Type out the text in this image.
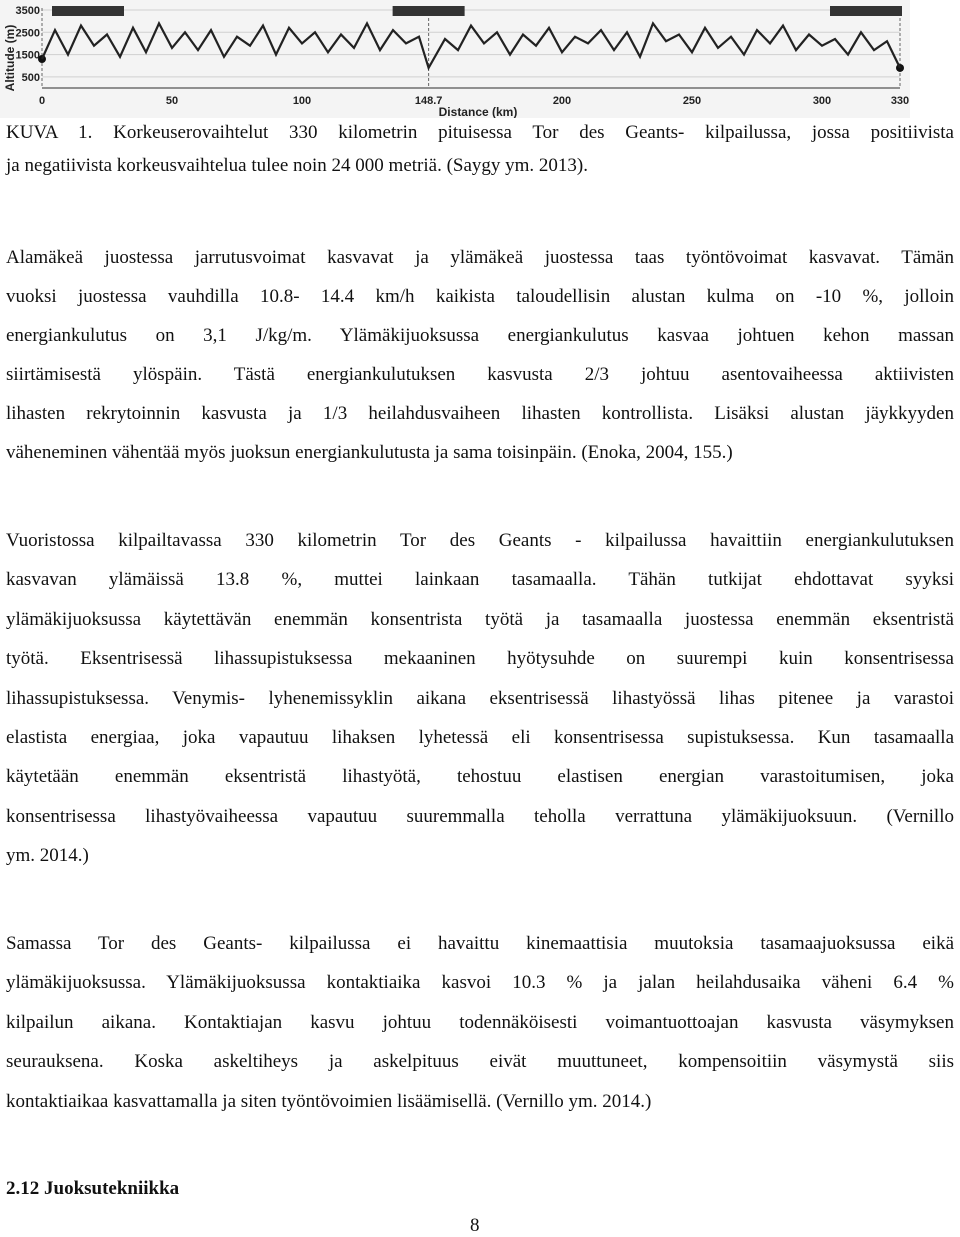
3500
2500
1500
500
0	50	100	148.7	200	250	300	330
Altitude (m)
Distance (km)
KUVA 1. Korkeuserovaihtelut 330 kilometrin pituisessa Tor des Geants- kilpailussa, jossa positiivista
ja negatiivista korkeusvaihtelua tulee noin 24 000 metriä. (Saygy ym. 2013).
Alamäkeä juostessa jarrutusvoimat kasvavat ja ylämäkeä juostessa taas työntövoimat kasvavat. Tämän
vuoksi juostessa vauhdilla 10.8- 14.4 km/h kaikista taloudellisin alustan kulma on -10 %, jolloin
energiankulutus on 3,1 J/kg/m. Ylämäkijuoksussa energiankulutus kasvaa johtuen kehon massan
siirtämisestä ylöspäin. Tästä energiankulutuksen kasvusta 2/3 johtuu asentovaiheessa aktiivisten
lihasten rekrytoinnin kasvusta ja 1/3 heilahdusvaiheen lihasten kontrollista. Lisäksi alustan jäykkyyden
väheneminen vähentää myös juoksun energiankulutusta ja sama toisinpäin. (Enoka, 2004, 155.)
Vuoristossa kilpailtavassa 330 kilometrin Tor des Geants - kilpailussa havaittiin energiankulutuksen
kasvavan ylämäissä 13.8 %, muttei lainkaan tasamaalla. Tähän tutkijat ehdottavat syyksi
ylämäkijuoksussa käytettävän enemmän konsentrista työtä ja tasamaalla juostessa enemmän eksentristä
työtä. Eksentrisessä lihassupistuksessa mekaaninen hyötysuhde on suurempi kuin konsentrisessa
lihassupistuksessa. Venymis- lyhenemissyklin aikana eksentrisessä lihastyössä lihas pitenee ja varastoi
elastista energiaa, joka vapautuu lihaksen lyhetessä eli konsentrisessa supistuksessa. Kun tasamaalla
käytetään enemmän eksentristä lihastyötä, tehostuu elastisen energian varastoitumisen, joka
konsentrisessa lihastyövaiheessa vapautuu suuremmalla teholla verrattuna ylämäkijuoksuun. (Vernillo
ym. 2014.)
Samassa Tor des Geants- kilpailussa ei havaittu kinemaattisia muutoksia tasamaajuoksussa eikä
ylämäkijuoksussa. Ylämäkijuoksussa kontaktiaika kasvoi 10.3 % ja jalan heilahdusaika väheni 6.4 %
kilpailun aikana. Kontaktiajan kasvu johtuu todennäköisesti voimantuottoajan kasvusta väsymyksen
seurauksena. Koska askeltiheys ja askelpituus eivät muuttuneet, kompensoitiin väsymystä siis
kontaktiaikaa kasvattamalla ja siten työntövoimien lisäämisellä. (Vernillo ym. 2014.)
2.12 Juoksutekniikka
8
